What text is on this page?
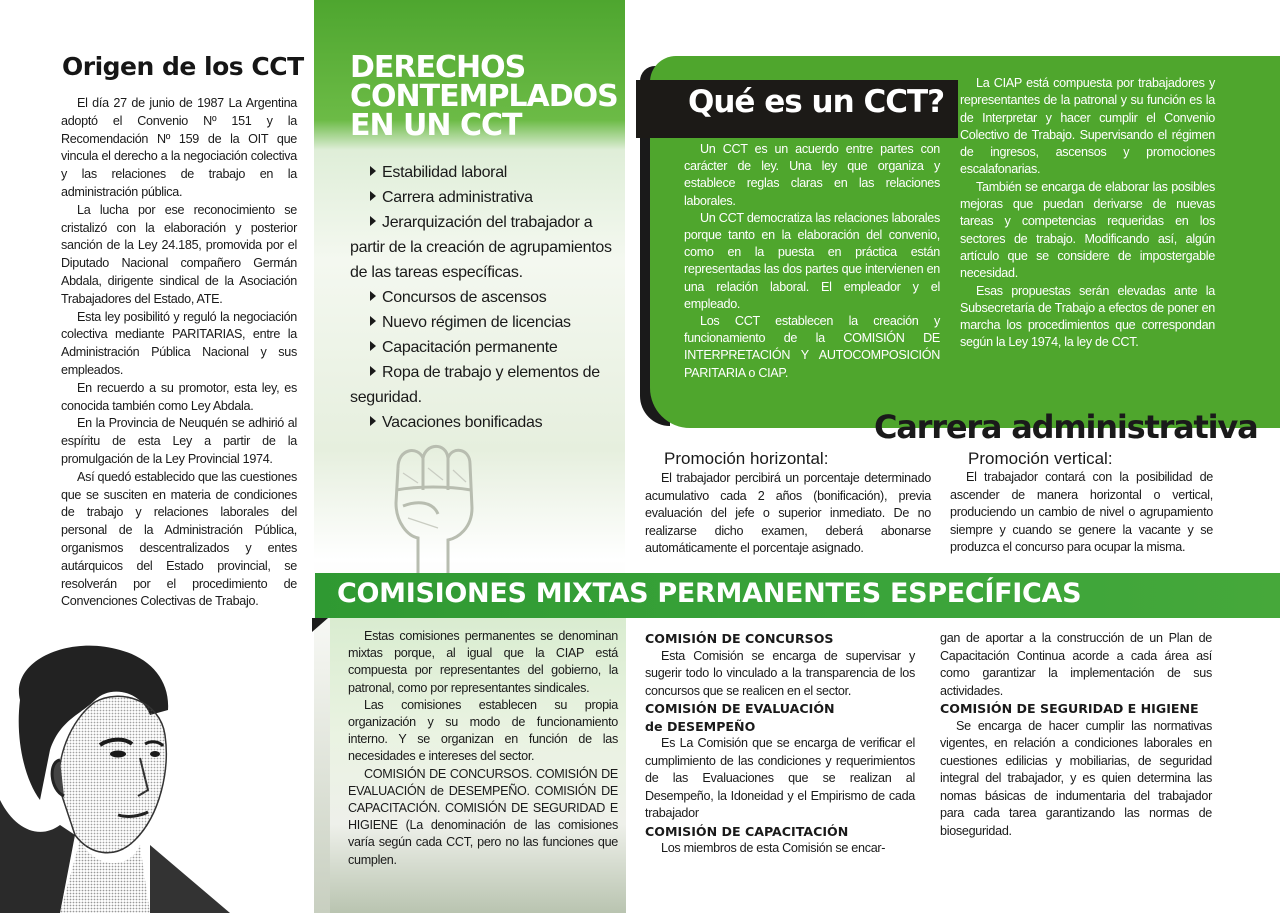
Origen de los CCT

El día 27 de junio de 1987 La Argentina adoptó el Convenio Nº 151 y la Recomendación Nº 159 de la OIT que vincula el derecho a la negociación colectiva y las relaciones de trabajo en la administración pública.

La lucha por ese reconocimiento se cristalizó con la elaboración y posterior sanción de la Ley 24.185, promovida por el Diputado Nacional compañero Germán Abdala, dirigente sindical de la Asociación Trabajadores del Estado, ATE.

Esta ley posibilitó y reguló la negociación colectiva mediante PARITARIAS, entre la Administración Pública Nacional y sus empleados.

En recuerdo a su promotor, esta ley, es conocida también como Ley Abdala.

En la Provincia de Neuquén se adhirió al espíritu de esta Ley a partir de la promulgación de la Ley Provincial 1974.

Así quedó establecido que las cuestiones que se susciten en materia de condiciones de trabajo y relaciones laborales del personal de la Administración Pública, organismos descentralizados y entes autárquicos del Estado provincial, se resolverán por el procedimiento de Convenciones Colectivas de Trabajo.

DERECHOS
CONTEMPLADOS
EN UN CCT
Estabilidad laboral
Carrera administrativa
Jerarquización del trabajador a partir de la creación de agrupamientos de las tareas específicas.
Concursos de ascensos
Nuevo régimen de licencias
Capacitación permanente
Ropa de trabajo y elementos de seguridad.
Vacaciones bonificadas
Qué es un CCT?

Un CCT es un acuerdo entre partes con carácter de ley. Una ley que organiza y establece reglas claras en las relaciones laborales.

Un CCT democratiza las relaciones laborales porque tanto en la elaboración del convenio, como en la puesta en práctica están representadas las dos partes que intervienen en una relación laboral. El empleador y el empleado.

Los CCT establecen la creación y funcionamiento de la COMISIÓN DE INTERPRETACIÓN Y AUTOCOMPOSICIÓN PARITARIA o CIAP.

La CIAP está compuesta por trabajadores y representantes de la patronal y su función es la de Interpretar y hacer cumplir el Convenio Colectivo de Trabajo. Supervisando el régimen de ingresos, ascensos y promociones escalafonarias.

También se encarga de elaborar las posibles mejoras que puedan derivarse de nuevas tareas y competencias requeridas en los sectores de trabajo. Modificando así, algún artículo que se considere de impostergable necesidad.

Esas propuestas serán elevadas ante la Subsecretaría de Trabajo a efectos de poner en marcha los procedimientos que correspondan según la Ley 1974, la ley de CCT.

Carrera administrativa
Promoción horizontal:

El trabajador percibirá un porcentaje determinado acumulativo cada 2 años (bonificación), previa evaluación del jefe o superior inmediato. De no realizarse dicho examen, deberá abonarse automáticamente el porcentaje asignado.

Promoción vertical:

El trabajador contará con la posibilidad de ascender de manera horizontal o vertical, produciendo un cambio de nivel o agrupamiento siempre y cuando se genere la vacante y se produzca el concurso para ocupar la misma.

COMISIONES MIXTAS PERMANENTES ESPECÍFICAS

Estas comisiones permanentes se denominan mixtas porque, al igual que la CIAP está compuesta por representantes del gobierno, la patronal, como por representantes sindicales.

Las comisiones establecen su propia organización y su modo de funcionamiento interno. Y se organizan en función de las necesidades e intereses del sector.

COMISIÓN DE CONCURSOS. COMISIÓN DE EVALUACIÓN de DESEMPEÑO. COMISIÓN DE CAPACITACIÓN. COMISIÓN DE SEGURIDAD E HIGIENE (La denominación de las comisiones varía según cada CCT, pero no las funciones que cumplen.

COMISIÓN DE CONCURSOS

Esta Comisión se encarga de supervisar y sugerir todo lo vinculado a la transparencia de los concursos que se realicen en el sector.

COMISIÓN DE EVALUACIÓN
de DESEMPEÑO

Es La Comisión que se encarga de verificar el cumplimiento de las condiciones y requerimientos de las Evaluaciones que se realizan al Desempeño, la Idoneidad y el Empirismo de cada trabajador

COMISIÓN DE CAPACITACIÓN

Los miembros de esta Comisión se encar-

gan de aportar a la construcción de un Plan de Capacitación Continua acorde a cada área así como garantizar la implementación de sus actividades.

COMISIÓN DE SEGURIDAD E HIGIENE

Se encarga de hacer cumplir las normativas vigentes, en relación a condiciones laborales en cuestiones edilicias y mobiliarias, de seguridad integral del trabajador, y es quien determina las nomas básicas de indumentaria del trabajador para cada tarea garantizando las normas de bioseguridad.
